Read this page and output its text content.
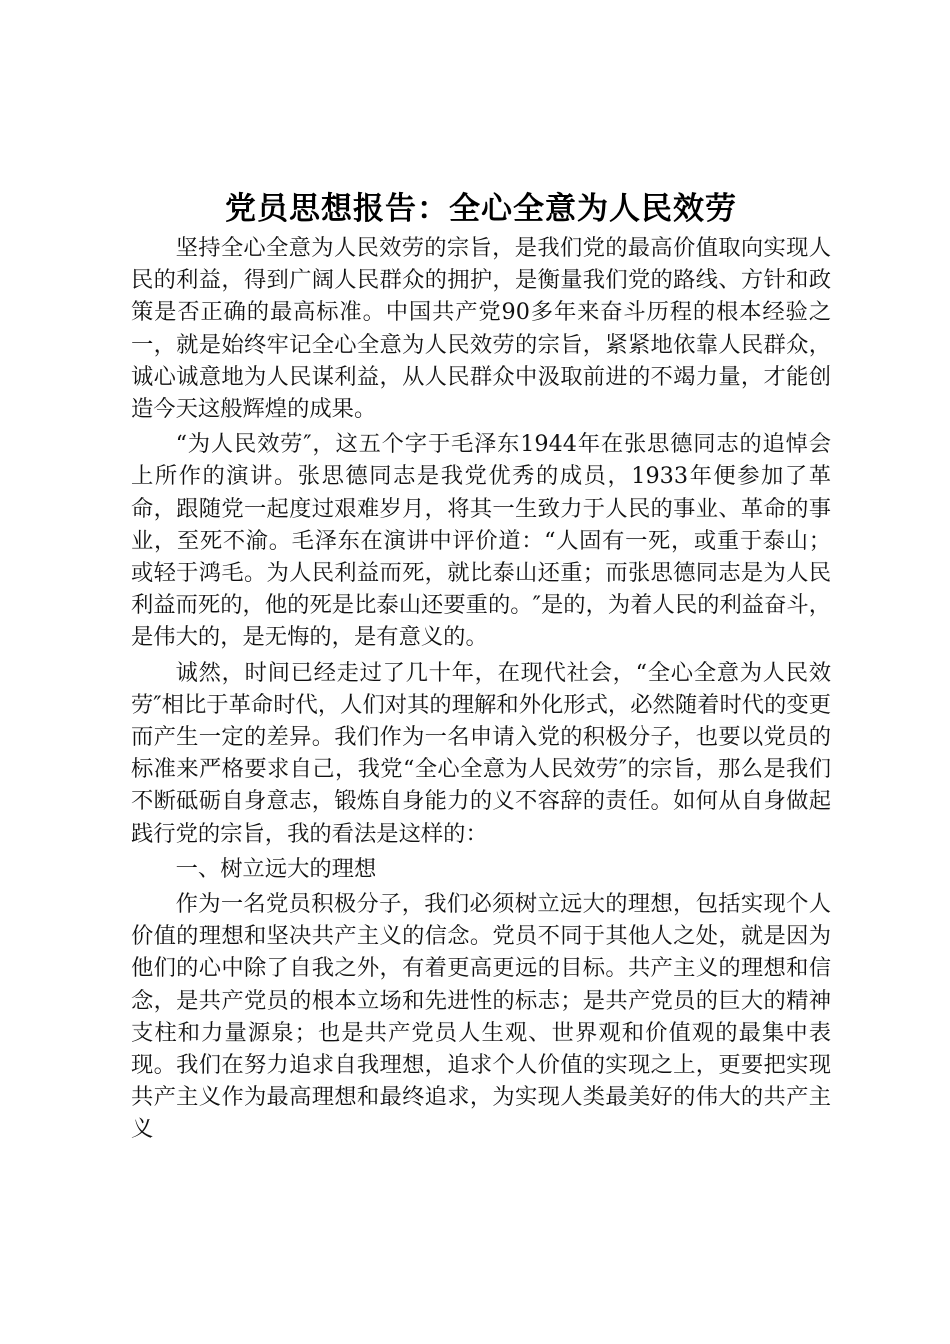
党员思想报告：全心全意为人民效劳

坚持全心全意为人民效劳的宗旨，是我们党的最高价值取向实现人民的利益，得到广阔人民群众的拥护，是衡量我们党的路线、方针和政策是否正确的最高标准。中国共产党90多年来奋斗历程的根本经验之一，就是始终牢记全心全意为人民效劳的宗旨，紧紧地依靠人民群众，诚心诚意地为人民谋利益，从人民群众中汲取前进的不竭力量，才能创造今天这般辉煌的成果。

“为人民效劳″，这五个字于毛泽东1944年在张思德同志的追悼会上所作的演讲。张思德同志是我党优秀的成员，1933年便参加了革命，跟随党一起度过艰难岁月，将其一生致力于人民的事业、革命的事业，至死不渝。毛泽东在演讲中评价道：“人固有一死，或重于泰山；或轻于鸿毛。为人民利益而死，就比泰山还重；而张思德同志是为人民利益而死的，他的死是比泰山还要重的。″是的，为着人民的利益奋斗，是伟大的，是无悔的，是有意义的。

诚然，时间已经走过了几十年，在现代社会，“全心全意为人民效劳″相比于革命时代，人们对其的理解和外化形式，必然随着时代的变更而产生一定的差异。我们作为一名申请入党的积极分子，也要以党员的标准来严格要求自己，我党“全心全意为人民效劳″的宗旨，那么是我们不断砥砺自身意志，锻炼自身能力的义不容辞的责任。如何从自身做起践行党的宗旨，我的看法是这样的：

一、树立远大的理想

作为一名党员积极分子，我们必须树立远大的理想，包括实现个人价值的理想和坚决共产主义的信念。党员不同于其他人之处，就是因为他们的心中除了自我之外，有着更高更远的目标。共产主义的理想和信念，是共产党员的根本立场和先进性的标志；是共产党员的巨大的精神支柱和力量源泉；也是共产党员人生观、世界观和价值观的最集中表现。我们在努力追求自我理想，追求个人价值的实现之上，更要把实现共产主义作为最高理想和最终追求，为实现人类最美好的伟大的共产主义
